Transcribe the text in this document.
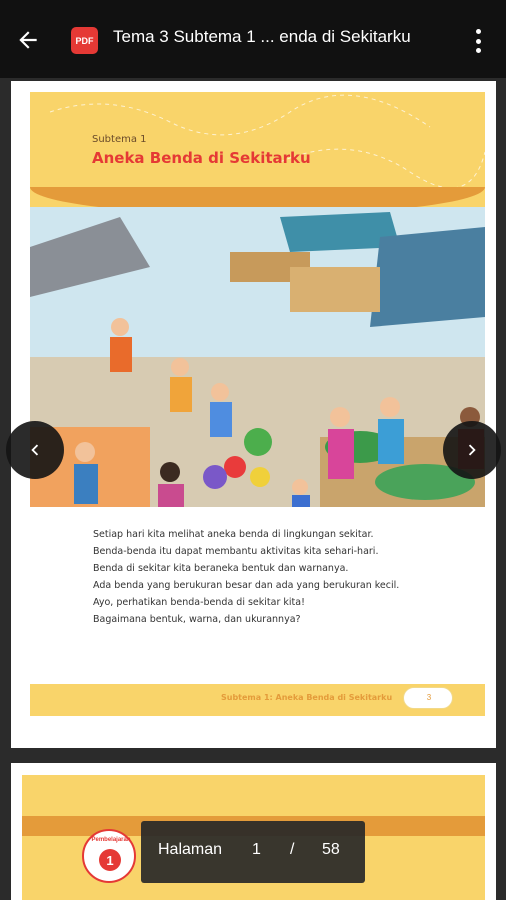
PDF Tema 3 Subtema 1 ... enda di Sekitarku
Subtema 1
Aneka Benda di Sekitarku

Setiap hari kita melihat aneka benda di lingkungan sekitar.

Benda-benda itu dapat membantu aktivitas kita sehari-hari.

Benda di sekitar kita beraneka bentuk dan warnanya.

Ada benda yang berukuran besar dan ada yang berukuran kecil.

Ayo, perhatikan benda-benda di sekitar kita!

Bagaimana bentuk, warna, dan ukurannya?

Subtema 1: Aneka Benda di Sekitarku	3
Pembelajaran
1
Halaman 1 / 58
